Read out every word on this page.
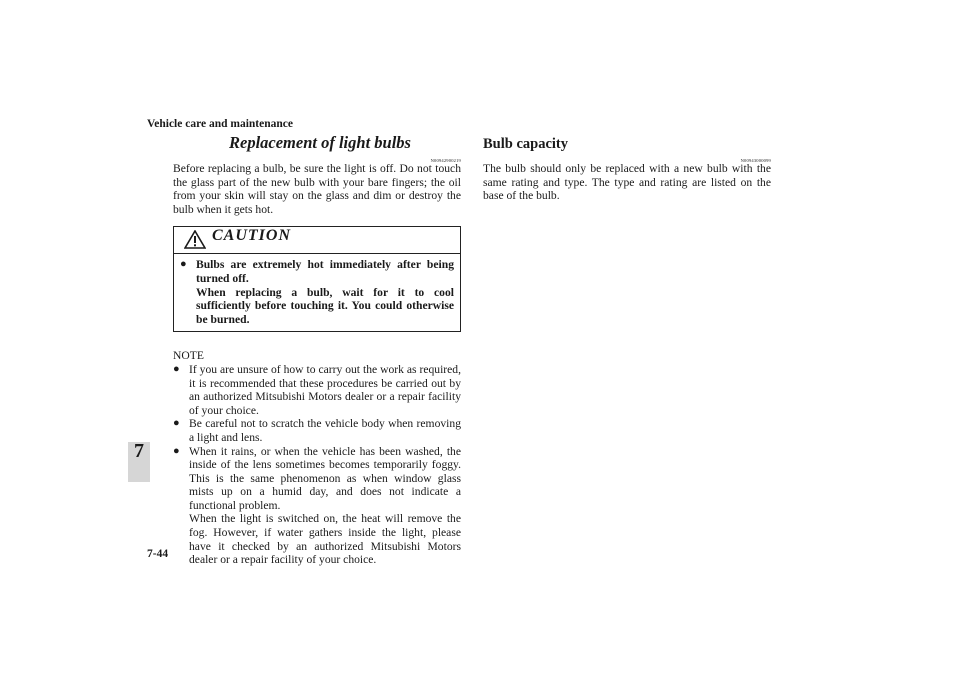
Vehicle care and maintenance
7
7-44
Replacement of light bulbs
N00942900219

Before replacing a bulb, be sure the light is off. Do not touch the glass part of the new bulb with your bare fingers; the oil from your skin will stay on the glass and dim or destroy the bulb when it gets hot.

CAUTION
● Bulbs are extremely hot immediately after being turned off.

When replacing a bulb, wait for it to cool sufficiently before touching it. You could otherwise be burned.

NOTE
● If you are unsure of how to carry out the work as required, it is recommended that these procedures be carried out by an authorized Mitsubishi Motors dealer or a repair facility of your choice.

● Be careful not to scratch the vehicle body when removing a light and lens.

● When it rains, or when the vehicle has been washed, the inside of the lens sometimes becomes temporarily foggy. This is the same phenomenon as when window glass mists up on a humid day, and does not indicate a functional problem.

When the light is switched on, the heat will remove the fog. However, if water gathers inside the light, please have it checked by an authorized Mitsubishi Motors dealer or a repair facility of your choice.

Bulb capacity
N00943000099

The bulb should only be replaced with a new bulb with the same rating and type. The type and rating are listed on the base of the bulb.
